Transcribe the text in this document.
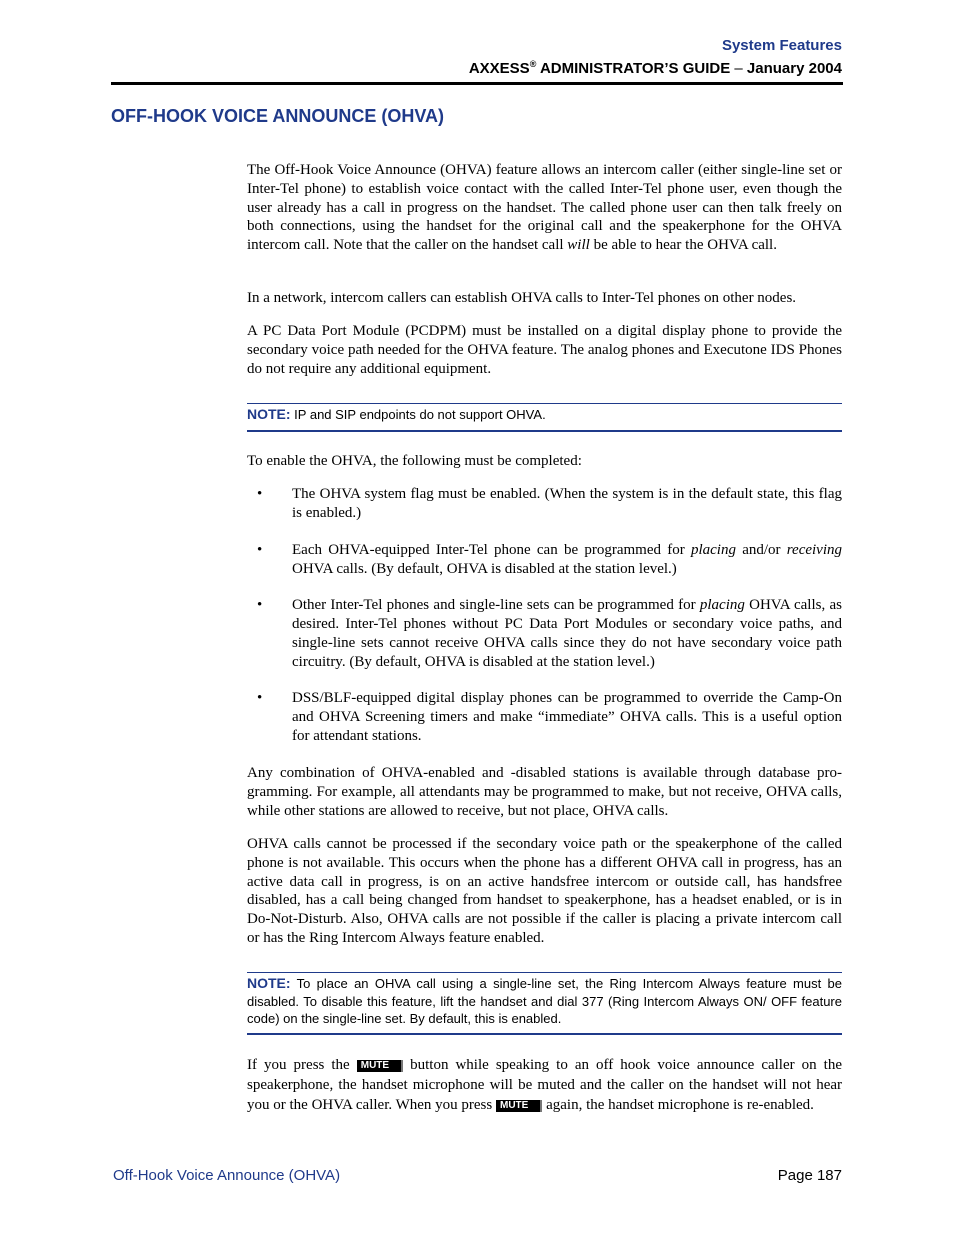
System Features
AXXESS® ADMINISTRATOR’S GUIDE – January 2004
OFF-HOOK VOICE ANNOUNCE (OHVA)

The Off-Hook Voice Announce (OHVA) feature allows an intercom caller (either single-line set or Inter-Tel phone) to establish voice contact with the called Inter-Tel phone user, even though the user already has a call in progress on the handset. The called phone user can then talk freely on both connections, using the handset for the original call and the speakerphone for the OHVA intercom call. Note that the caller on the handset call will be able to hear the OHVA call.

In a network, intercom callers can establish OHVA calls to Inter-Tel phones on other nodes.

A PC Data Port Module (PCDPM) must be installed on a digital display phone to provide the secondary voice path needed for the OHVA feature. The analog phones and Executone IDS Phones do not require any additional equipment.

NOTE: IP and SIP endpoints do not support OHVA.

To enable the OHVA, the following must be completed:

• The OHVA system flag must be enabled. (When the system is in the default state, this flag is enabled.)
• Each OHVA-equipped Inter-Tel phone can be programmed for placing and/or receiving OHVA calls. (By default, OHVA is disabled at the station level.)
• Other Inter-Tel phones and single-line sets can be programmed for placing OHVA calls, as desired. Inter-Tel phones without PC Data Port Modules or secondary voice paths, and single-line sets cannot receive OHVA calls since they do not have secondary voice path circuitry. (By default, OHVA is disabled at the station level.)
• DSS/BLF-equipped digital display phones can be programmed to override the Camp-On and OHVA Screening timers and make “immediate” OHVA calls. This is a useful option for attendant stations.

Any combination of OHVA-enabled and -disabled stations is available through database pro-gramming. For example, all attendants may be programmed to make, but not receive, OHVA calls, while other stations are allowed to receive, but not place, OHVA calls.

OHVA calls cannot be processed if the secondary voice path or the speakerphone of the called phone is not available. This occurs when the phone has a different OHVA call in progress, has an active data call in progress, is on an active handsfree intercom or outside call, has handsfree disabled, has a call being changed from handset to speakerphone, has a headset enabled, or is in Do-Not-Disturb. Also, OHVA calls are not possible if the caller is placing a private intercom call or has the Ring Intercom Always feature enabled.

NOTE: To place an OHVA call using a single-line set, the Ring Intercom Always feature must be disabled. To disable this feature, lift the handset and dial 377 (Ring Intercom Always ON/ OFF feature code) on the single-line set. By default, this is enabled.

If you press the MUTE button while speaking to an off hook voice announce caller on the speakerphone, the handset microphone will be muted and the caller on the handset will not hear you or the OHVA caller. When you press MUTE again, the handset microphone is re-enabled.

Off-Hook Voice Announce (OHVA)	Page 187
